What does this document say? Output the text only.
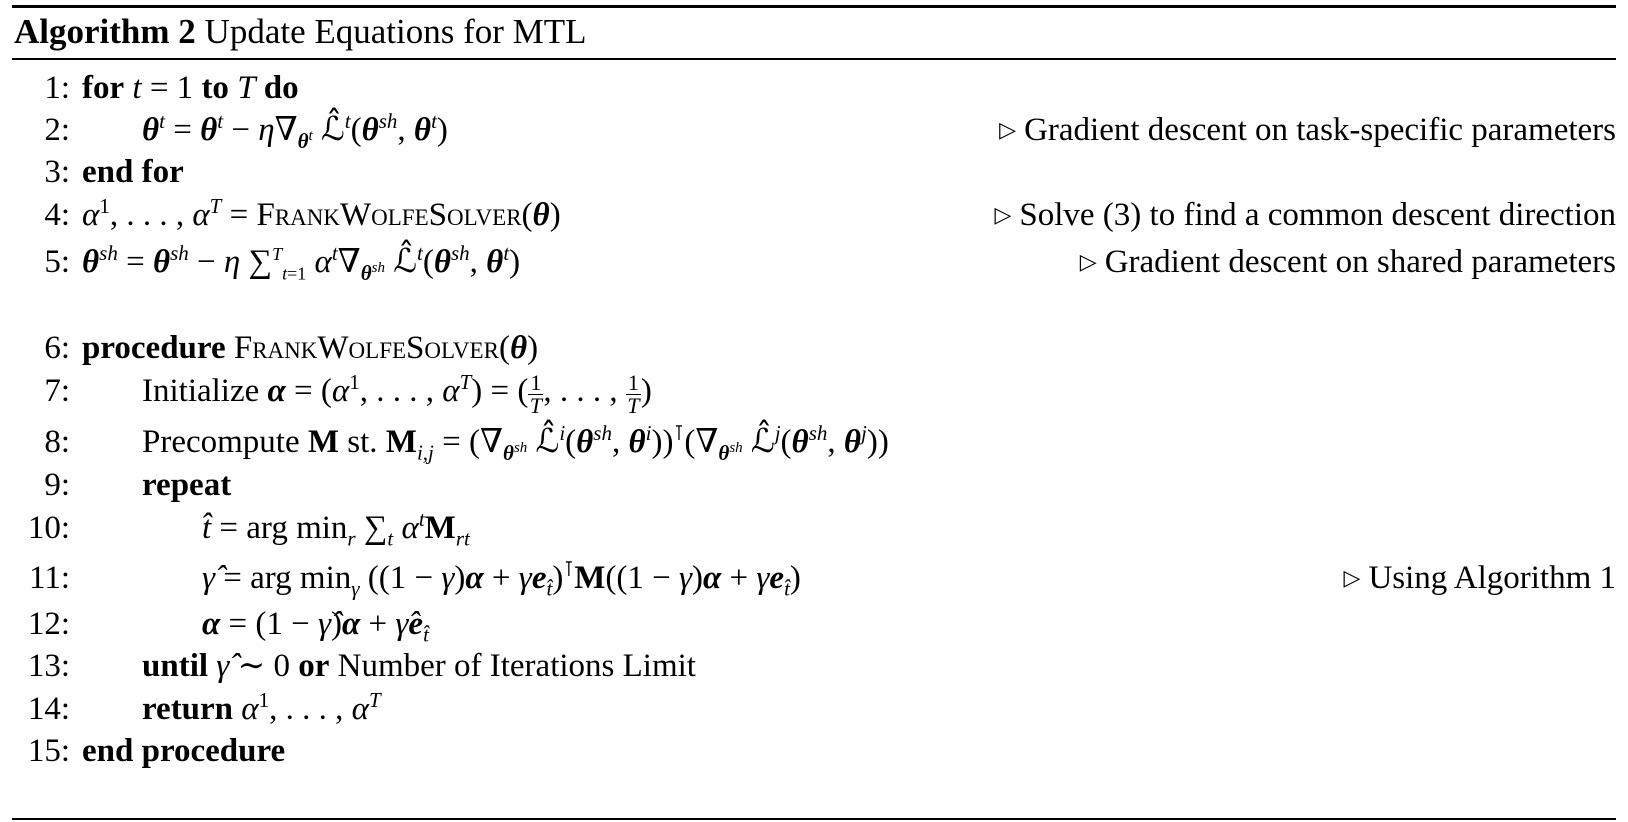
Algorithm 2 Update Equations for MTL
1: for t = 1 to T do
2: $\theta^t = \theta^t - \eta\nabla_{\theta^t}$ $ℒ̂^t(\theta^{sh}$, $\theta^t$)	▷ Gradient descent on task-specific parameters
3: end for
4: $\alpha^1$, . . . , $\alpha^T$ = FrankWolfeSolver(θ)	▷ Solve (3) to find a common descent direction
5: $\theta^{sh} = \theta^{sh} - \eta$ ∑$^T_{t=1}$ $\alpha^t\nabla_{\theta^{sh}}$ $ℒ̂^t(\theta^{sh}$, $\theta^t$)	▷ Gradient descent on shared parameters
6: procedure FrankWolfeSolver(θ)
7: Initialize $\alpha = (\alpha^1$, . . . , $\alpha^T$) = ( $\frac{1}{T}$ , . . . , $\frac{1}{T}$ )
8: Precompute M st. $M_{i,j} = (\nabla_{\theta^{sh}}$ $ℒ̂^i(\theta^{sh}$, $\theta^i))^⊺(\nabla_{\theta^{sh}}$ $ℒ̂^j(\theta^{sh}$, $\theta^j$))
9: repeat
10:	t̂ = arg $\min_r \sum_t$ $\alpha^tM_{rt}$
11:	γ̂ = arg $\min_\gamma ((1 - \gamma)\alpha + \gamma e_{t̂})^⊺M((1 - \gamma)\alpha + \gamma e_{t̂})$	▷ Using Algorithm 1
12:	α = (1 − γ̂)α + $\gammâe_{t̂}$
13: until γ̂ ∼ 0 or Number of Iterations Limit
14: return $\alpha^1$, . . . , $\alpha^T$
15: end procedure
